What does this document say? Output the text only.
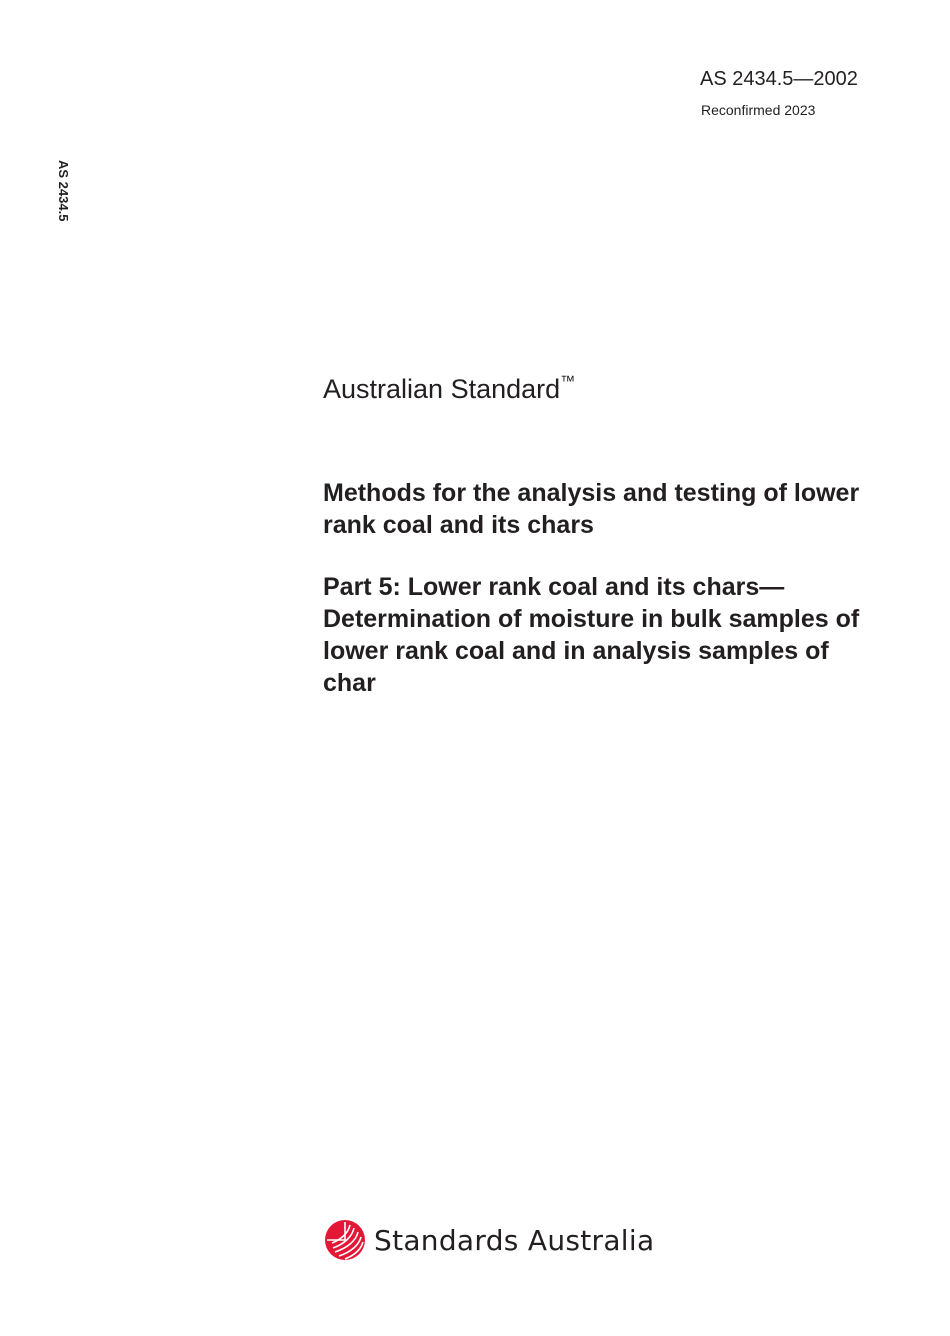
AS 2434.5—2002
Reconfirmed 2023
AS 2434.5
Australian Standard™
Methods for the analysis and testing of lower rank coal and its chars
Part 5: Lower rank coal and its chars—Determination of moisture in bulk samples of lower rank coal and in analysis samples of char
Standards Australia
